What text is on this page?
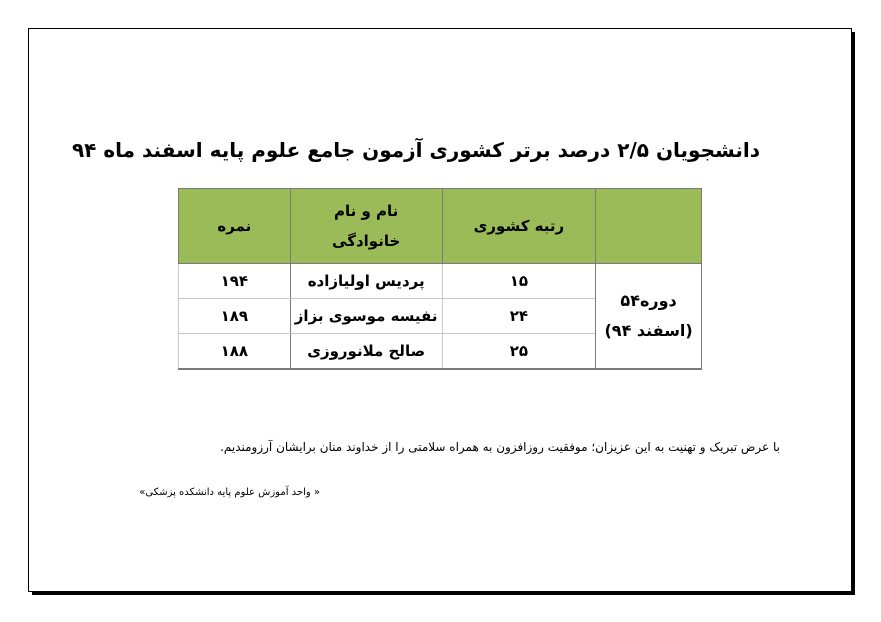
دانشجویان ۲/۵ درصد برتر کشوری آزمون جامع علوم پایه اسفند ماه ۹۴
	رتبه کشوری	نام و نام خانوادگی	نمره

دوره۵۴
(اسفند ۹۴)	۱۵	پردیس اولیازاده	۱۹۴
	۲۴	نفیسه موسوی بزاز	۱۸۹
	۲۵	صالح ملانوروزی	۱۸۸
با عرض تبریک و تهنیت به این عزیزان؛ موفقیت روزافزون به همراه سلامتی را از خداوند منان برایشان آرزومندیم.
« واحد آموزش علوم پایه دانشکده پزشکی»
